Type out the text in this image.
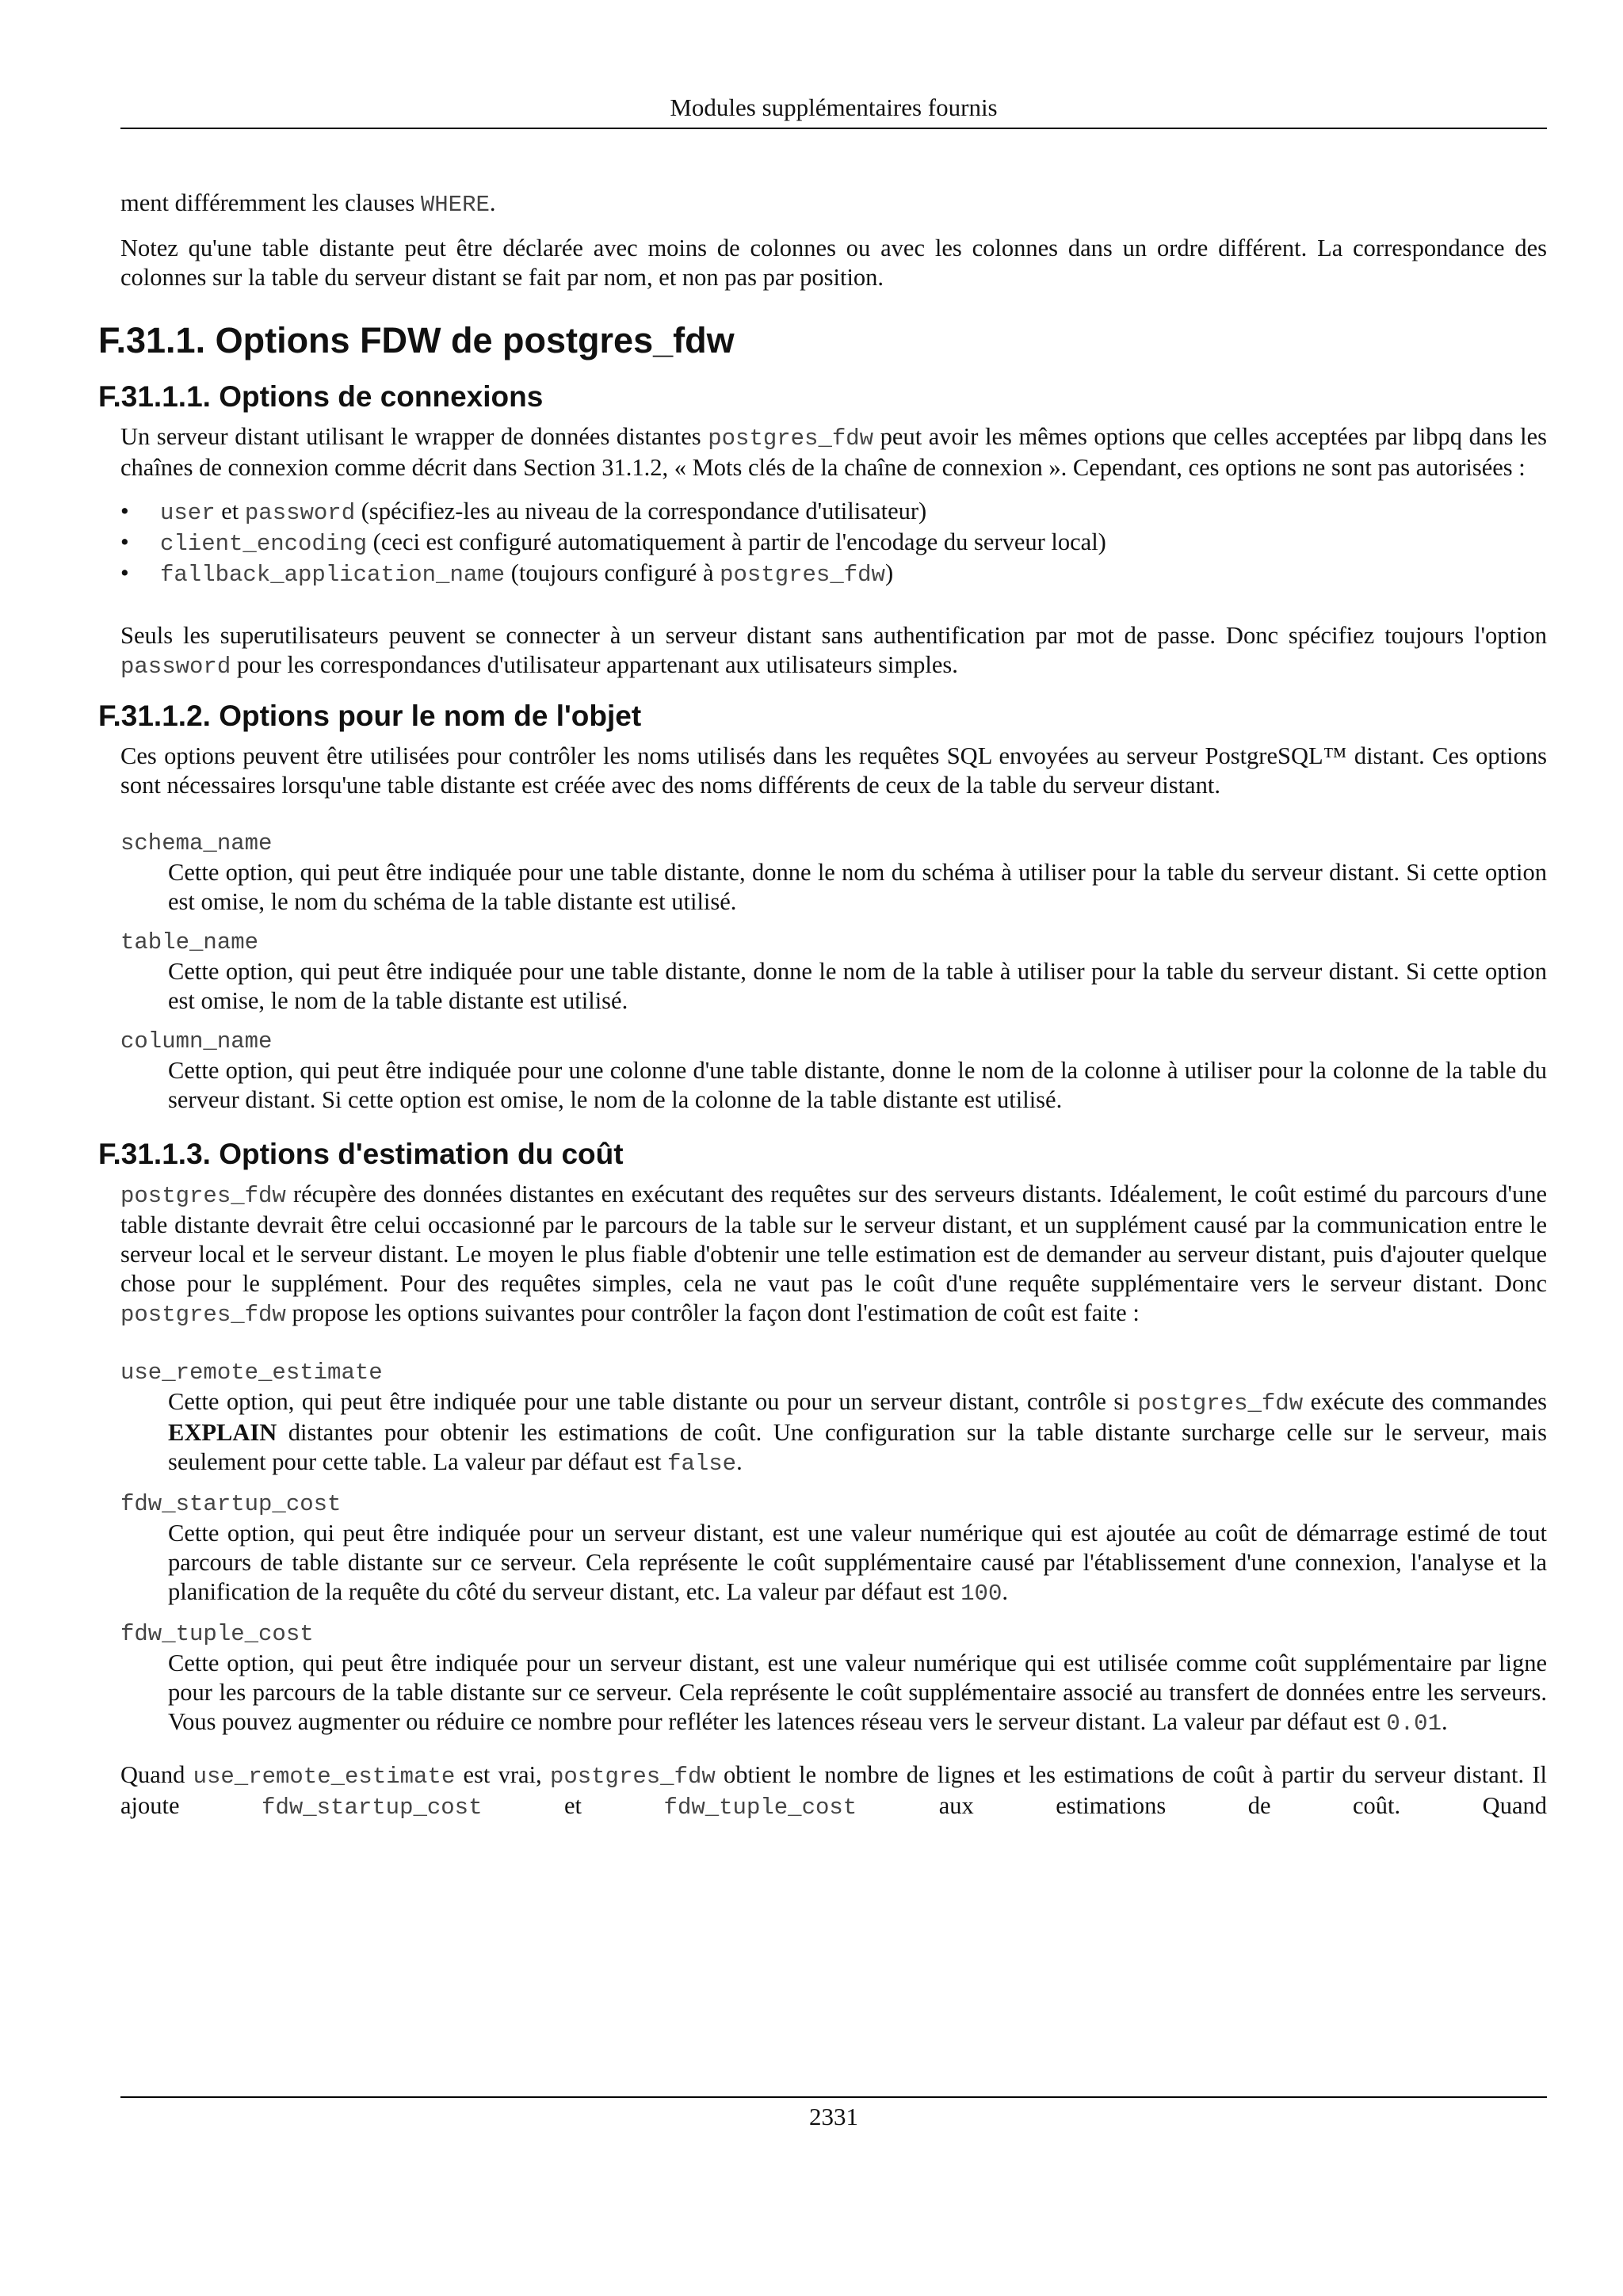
Modules supplémentaires fournis

ment différemment les clauses WHERE.

Notez qu'une table distante peut être déclarée avec moins de colonnes ou avec les colonnes dans un ordre différent. La correspondance des colonnes sur la table du serveur distant se fait par nom, et non pas par position.

F.31.1. Options FDW de postgres_fdw
F.31.1.1. Options de connexions

Un serveur distant utilisant le wrapper de données distantes postgres_fdw peut avoir les mêmes options que celles acceptées par libpq dans les chaînes de connexion comme décrit dans Section 31.1.2, « Mots clés de la chaîne de connexion ». Cependant, ces options ne sont pas autorisées :

• user et password (spécifiez-les au niveau de la correspondance d'utilisateur)
• client_encoding (ceci est configuré automatiquement à partir de l'encodage du serveur local)
• fallback_application_name (toujours configuré à postgres_fdw)

Seuls les superutilisateurs peuvent se connecter à un serveur distant sans authentification par mot de passe. Donc spécifiez toujours l'option password pour les correspondances d'utilisateur appartenant aux utilisateurs simples.

F.31.1.2. Options pour le nom de l'objet

Ces options peuvent être utilisées pour contrôler les noms utilisés dans les requêtes SQL envoyées au serveur PostgreSQL™ distant. Ces options sont nécessaires lorsqu'une table distante est créée avec des noms différents de ceux de la table du serveur distant.

schema_name
Cette option, qui peut être indiquée pour une table distante, donne le nom du schéma à utiliser pour la table du serveur distant. Si cette option est omise, le nom du schéma de la table distante est utilisé.
table_name
Cette option, qui peut être indiquée pour une table distante, donne le nom de la table à utiliser pour la table du serveur distant. Si cette option est omise, le nom de la table distante est utilisé.
column_name
Cette option, qui peut être indiquée pour une colonne d'une table distante, donne le nom de la colonne à utiliser pour la colonne de la table du serveur distant. Si cette option est omise, le nom de la colonne de la table distante est utilisé.
F.31.1.3. Options d'estimation du coût

postgres_fdw récupère des données distantes en exécutant des requêtes sur des serveurs distants. Idéalement, le coût estimé du parcours d'une table distante devrait être celui occasionné par le parcours de la table sur le serveur distant, et un supplément causé par la communication entre le serveur local et le serveur distant. Le moyen le plus fiable d'obtenir une telle estimation est de demander au serveur distant, puis d'ajouter quelque chose pour le supplément. Pour des requêtes simples, cela ne vaut pas le coût d'une requête supplémentaire vers le serveur distant. Donc postgres_fdw propose les options suivantes pour contrôler la façon dont l'estimation de coût est faite :

use_remote_estimate
Cette option, qui peut être indiquée pour une table distante ou pour un serveur distant, contrôle si postgres_fdw exécute des commandes EXPLAIN distantes pour obtenir les estimations de coût. Une configuration sur la table distante surcharge celle sur le serveur, mais seulement pour cette table. La valeur par défaut est false.
fdw_startup_cost
Cette option, qui peut être indiquée pour un serveur distant, est une valeur numérique qui est ajoutée au coût de démarrage estimé de tout parcours de table distante sur ce serveur. Cela représente le coût supplémentaire causé par l'établissement d'une connexion, l'analyse et la planification de la requête du côté du serveur distant, etc. La valeur par défaut est 100.
fdw_tuple_cost
Cette option, qui peut être indiquée pour un serveur distant, est une valeur numérique qui est utilisée comme coût supplémentaire par ligne pour les parcours de la table distante sur ce serveur. Cela représente le coût supplémentaire associé au transfert de données entre les serveurs. Vous pouvez augmenter ou réduire ce nombre pour refléter les latences réseau vers le serveur distant. La valeur par défaut est 0.01.

Quand use_remote_estimate est vrai, postgres_fdw obtient le nombre de lignes et les estimations de coût à partir du serveur distant. Il ajoute fdw_startup_cost et fdw_tuple_cost aux estimations de coût. Quand

2331
